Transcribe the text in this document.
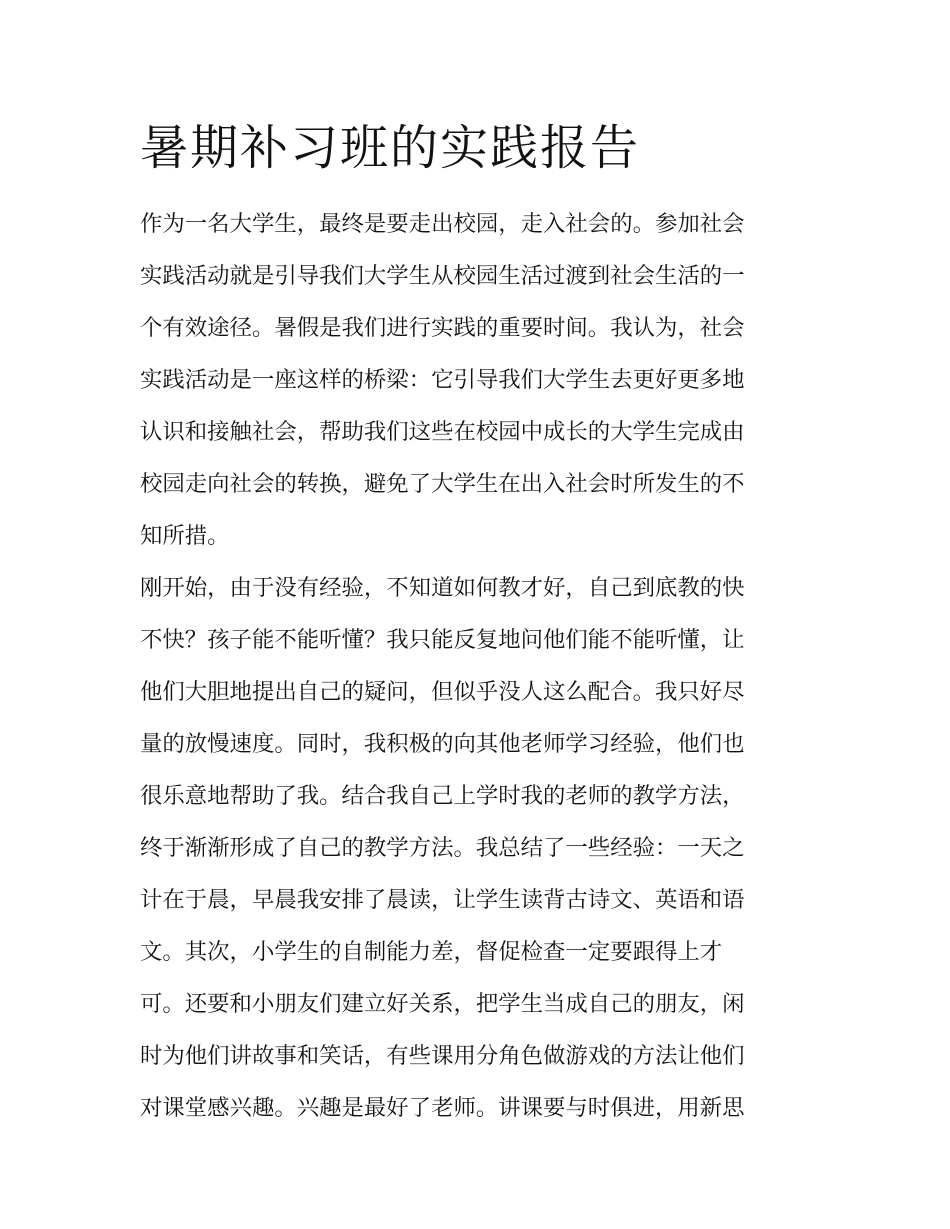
暑期补习班的实践报告
作为一名大学生，最终是要走出校园，走入社会的。参加社会
实践活动就是引导我们大学生从校园生活过渡到社会生活的一
个有效途径。暑假是我们进行实践的重要时间。我认为，社会
实践活动是一座这样的桥梁：它引导我们大学生去更好更多地
认识和接触社会，帮助我们这些在校园中成长的大学生完成由
校园走向社会的转换，避免了大学生在出入社会时所发生的不
知所措。
刚开始，由于没有经验，不知道如何教才好，自己到底教的快
不快？孩子能不能听懂？我只能反复地问他们能不能听懂，让
他们大胆地提出自己的疑问，但似乎没人这么配合。我只好尽
量的放慢速度。同时，我积极的向其他老师学习经验，他们也
很乐意地帮助了我。结合我自己上学时我的老师的教学方法，
终于渐渐形成了自己的教学方法。我总结了一些经验：一天之
计在于晨，早晨我安排了晨读，让学生读背古诗文、英语和语
文。其次，小学生的自制能力差，督促检查一定要跟得上才
可。还要和小朋友们建立好关系，把学生当成自己的朋友，闲
时为他们讲故事和笑话，有些课用分角色做游戏的方法让他们
对课堂感兴趣。兴趣是最好了老师。讲课要与时俱进，用新思
